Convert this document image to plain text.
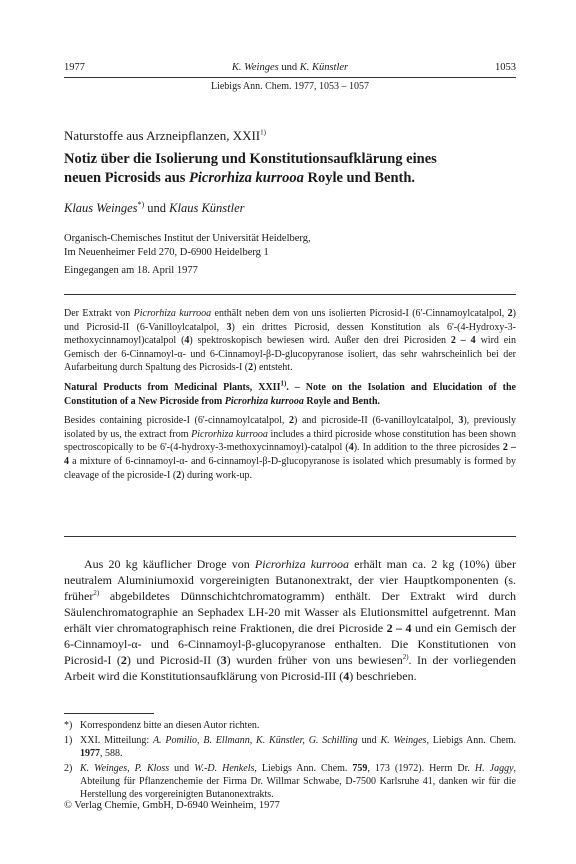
1977	K. Weinges und K. Künstler	1053
Liebigs Ann. Chem. 1977, 1053 – 1057
Naturstoffe aus Arzneipflanzen, XXII$^{1)}$
Notiz über die Isolierung und Konstitutionsaufklärung eines
neuen Picrosids aus Picrorhiza kurrooa Royle und Benth.
Klaus Weinges*) und Klaus Künstler
Organisch-Chemisches Institut der Universität Heidelberg,
Im Neuenheimer Feld 270, D-6900 Heidelberg 1
Eingegangen am 18. April 1977

Der Extrakt von Picrorhiza kurrooa enthält neben dem von uns isolierten Picrosid-I (6'-Cinnamoylcatalpol, 2) und Picrosid-II (6-Vanilloylcatalpol, 3) ein drittes Picrosid, dessen Konstitution als 6'-(4-Hydroxy-3-methoxycinnamoyl)catalpol (4) spektroskopisch bewiesen wird. Außer den drei Picrosiden 2 – 4 wird ein Gemisch der 6-Cinnamoyl-α- und 6-Cinnamoyl-β-D-glucopyranose isoliert, das sehr wahrscheinlich bei der Aufarbeitung durch Spaltung des Picrosids-I (2) entsteht.

Natural Products from Medicinal Plants, XXII$^{1)}$. – Note on the Isolation and Elucidation of the Constitution of a New Picroside from Picrorhiza kurrooa Royle and Benth.

Besides containing picroside-I (6'-cinnamoylcatalpol, 2) and picroside-II (6-vanilloylcatalpol, 3), previously isolated by us, the extract from Picrorhiza kurrooa includes a third picroside whose constitution has been shown spectroscopically to be 6'-(4-hydroxy-3-methoxycinnamoyl)-catalpol (4). In addition to the three picrosides 2 – 4 a mixture of 6-cinnamoyl-α- and 6-cinnamoyl-β-D-glucopyranose is isolated which presumably is formed by cleavage of the picroside-I (2) during work-up.

Aus 20 kg käuflicher Droge von Picrorhiza kurrooa erhält man ca. 2 kg (10%) über neutralem Aluminiumoxid vorgereinigten Butanonextrakt, der vier Hauptkomponenten (s. früher$^{2)}$ abgebildetes Dünnschichtchromatogramm) enthält. Der Extrakt wird durch Säulenchromatographie an Sephadex LH-20 mit Wasser als Elutionsmittel aufgetrennt. Man erhält vier chromatographisch reine Fraktionen, die drei Picroside 2 – 4 und ein Gemisch der 6-Cinnamoyl-α- und 6-Cinnamoyl-β-glucopyranose enthalten. Die Konstitutionen von Picrosid-I (2) und Picrosid-II (3) wurden früher von uns bewiesen$^{2)}$. In der vorliegenden Arbeit wird die Konstitutionsaufklärung von Picrosid-III (4) beschrieben.

*) Korrespondenz bitte an diesen Autor richten.
1) XXI. Mitteilung: A. Pomilio, B. Ellmann, K. Künstler, G. Schilling und K. Weinges, Liebigs Ann. Chem. 1977, 588.
2) K. Weinges, P. Kloss und W.-D. Henkels, Liebigs Ann. Chem. 759, 173 (1972). Herrn Dr. H. Jaggy, Abteilung für Pflanzenchemie der Firma Dr. Willmar Schwabe, D-7500 Karlsruhe 41, danken wir für die Herstellung des vorgereinigten Butanonextrakts.
© Verlag Chemie, GmbH, D-6940 Weinheim, 1977
